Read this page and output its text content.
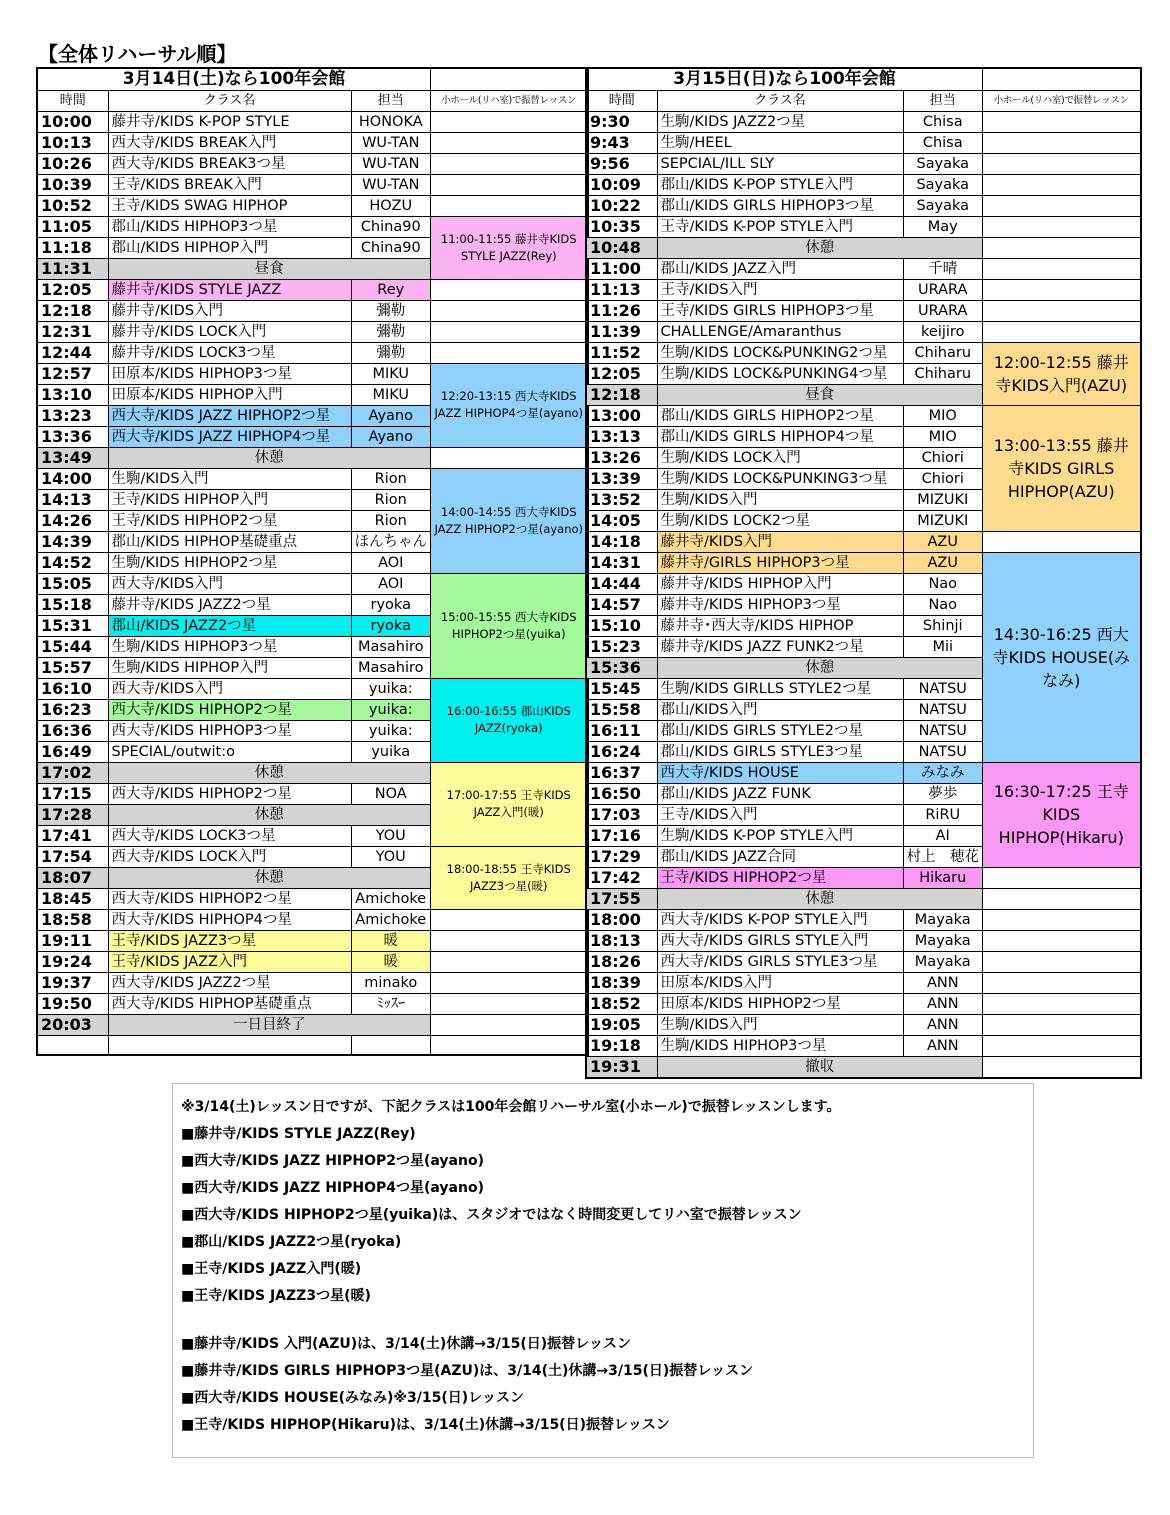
【全体リハーサル順】
3月14日(土)なら100年会館			
時間	クラス名	担当	小ホール(リハ室)で振替レッスン
10:00	藤井寺/KIDS K-POP STYLE	HONOKA	
10:13	西大寺/KIDS BREAK入門	WU-TAN	
10:26	西大寺/KIDS BREAK3つ星	WU-TAN	
10:39	王寺/KIDS BREAK入門	WU-TAN	
10:52	王寺/KIDS SWAG HIPHOP	HOZU	
11:05	郡山/KIDS HIPHOP3つ星	China90	11:00-11:55 藤井寺KIDS STYLE JAZZ(Rey)
11:18	郡山/KIDS HIPHOP入門	China90	
11:31	昼食		
12:05	藤井寺/KIDS STYLE JAZZ	Rey	
12:18	藤井寺/KIDS入門	彌勒	
12:31	藤井寺/KIDS LOCK入門	彌勒	
12:44	藤井寺/KIDS LOCK3つ星	彌勒	
12:57	田原本/KIDS HIPHOP3つ星	MIKU	12:20-13:15 西大寺KIDS JAZZ HIPHOP4つ星(ayano)
13:10	田原本/KIDS HIPHOP入門	MIKU	
13:23	西大寺/KIDS JAZZ HIPHOP2つ星	Ayano	
13:36	西大寺/KIDS JAZZ HIPHOP4つ星	Ayano	
13:49	休憩		
14:00	生駒/KIDS入門	Rion	14:00-14:55 西大寺KIDS JAZZ HIPHOP2つ星(ayano)
14:13	王寺/KIDS HIPHOP入門	Rion	
14:26	王寺/KIDS HIPHOP2つ星	Rion	
14:39	郡山/KIDS HIPHOP基礎重点	ほんちゃん	
14:52	生駒/KIDS HIPHOP2つ星	AOI	
15:05	西大寺/KIDS入門	AOI	15:00-15:55 西大寺KIDS HIPHOP2つ星(yuika)
15:18	藤井寺/KIDS JAZZ2つ星	ryoka	
15:31	郡山/KIDS JAZZ2つ星	ryoka	
15:44	生駒/KIDS HIPHOP3つ星	Masahiro	
15:57	生駒/KIDS HIPHOP入門	Masahiro	
16:10	西大寺/KIDS入門	yuika:	16:00-16:55 郡山KIDS JAZZ(ryoka)
16:23	西大寺/KIDS HIPHOP2つ星	yuika:	
16:36	西大寺/KIDS HIPHOP3つ星	yuika:	
16:49	SPECIAL/outwit:o	yuika	
17:02	休憩		17:00-17:55 王寺KIDS JAZZ入門(暖)
17:15	西大寺/KIDS HIPHOP2つ星	NOA	
17:28	休憩		
17:41	西大寺/KIDS LOCK3つ星	YOU	
17:54	西大寺/KIDS LOCK入門	YOU	18:00-18:55 王寺KIDS JAZZ3つ星(暖)
18:07	休憩		
18:45	西大寺/KIDS HIPHOP2つ星	Amichoke	
18:58	西大寺/KIDS HIPHOP4つ星	Amichoke	
19:11	王寺/KIDS JAZZ3つ星	暖	
19:24	王寺/KIDS JAZZ入門	暖	
19:37	西大寺/KIDS JAZZ2つ星	minako	
19:50	西大寺/KIDS HIPHOP基礎重点	ﾐｯｽｰ	
20:03	一日目終了		

3月15日(日)なら100年会館			
時間	クラス名	担当	小ホール(リハ室)で振替レッスン
9:30	生駒/KIDS JAZZ2つ星	Chisa	
9:43	生駒/HEEL	Chisa	
9:56	SEPCIAL/ILL SLY	Sayaka	
10:09	郡山/KIDS K-POP STYLE入門	Sayaka	
10:22	郡山/KIDS GIRLS HIPHOP3つ星	Sayaka	
10:35	王寺/KIDS K-POP STYLE入門	May	
10:48	休憩		
11:00	郡山/KIDS JAZZ入門	千晴	
11:13	王寺/KIDS入門	URARA	
11:26	王寺/KIDS GIRLS HIPHOP3つ星	URARA	
11:39	CHALLENGE/Amaranthus	keijiro	
11:52	生駒/KIDS LOCK&PUNKING2つ星	Chiharu	12:00-12:55 藤井寺KIDS入門(AZU)
12:05	生駒/KIDS LOCK&PUNKING4つ星	Chiharu	
12:18	昼食		
13:00	郡山/KIDS GIRLS HIPHOP2つ星	MIO	13:00-13:55 藤井寺KIDS GIRLS HIPHOP(AZU)
13:13	郡山/KIDS GIRLS HIPHOP4つ星	MIO	
13:26	生駒/KIDS LOCK入門	Chiori	
13:39	生駒/KIDS LOCK&PUNKING3つ星	Chiori	
13:52	生駒/KIDS入門	MIZUKI	
14:05	生駒/KIDS LOCK2つ星	MIZUKI	
14:18	藤井寺/KIDS入門	AZU	
14:31	藤井寺/GIRLS HIPHOP3つ星	AZU	14:30-16:25 西大寺KIDS HOUSE(みなみ)
14:44	藤井寺/KIDS HIPHOP入門	Nao	
14:57	藤井寺/KIDS HIPHOP3つ星	Nao	
15:10	藤井寺･西大寺/KIDS HIPHOP	Shinji	
15:23	藤井寺/KIDS JAZZ FUNK2つ星	Mii	
15:36	休憩		
15:45	生駒/KIDS GIRLLS STYLE2つ星	NATSU	
15:58	郡山/KIDS入門	NATSU	
16:11	郡山/KIDS GIRLS STYLE2つ星	NATSU	
16:24	郡山/KIDS GIRLS STYLE3つ星	NATSU	
16:37	西大寺/KIDS HOUSE	みなみ	16:30-17:25 王寺KIDS HIPHOP(Hikaru)
16:50	郡山/KIDS JAZZ FUNK	夢歩	
17:03	王寺/KIDS入門	RiRU	
17:16	生駒/KIDS K-POP STYLE入門	AI	
17:29	郡山/KIDS JAZZ合同	村上　穂花	
17:42	王寺/KIDS HIPHOP2つ星	Hikaru	
17:55	休憩		
18:00	西大寺/KIDS K-POP STYLE入門	Mayaka	
18:13	西大寺/KIDS GIRLS STYLE入門	Mayaka	
18:26	西大寺/KIDS GIRLS STYLE3つ星	Mayaka	
18:39	田原本/KIDS入門	ANN	
18:52	田原本/KIDS HIPHOP2つ星	ANN	
19:05	生駒/KIDS入門	ANN	
19:18	生駒/KIDS HIPHOP3つ星	ANN	
19:31	撤収		
※3/14(土)レッスン日ですが、下記クラスは100年会館リハーサル室(小ホール)で振替レッスンします。
■藤井寺/KIDS STYLE JAZZ(Rey)
■西大寺/KIDS JAZZ HIPHOP2つ星(ayano)
■西大寺/KIDS JAZZ HIPHOP4つ星(ayano)
■西大寺/KIDS HIPHOP2つ星(yuika)は、スタジオではなく時間変更してリハ室で振替レッスン
■郡山/KIDS JAZZ2つ星(ryoka)
■王寺/KIDS JAZZ入門(暖)
■王寺/KIDS JAZZ3つ星(暖)
■藤井寺/KIDS 入門(AZU)は、3/14(土)休講→3/15(日)振替レッスン
■藤井寺/KIDS GIRLS HIPHOP3つ星(AZU)は、3/14(土)休講→3/15(日)振替レッスン
■西大寺/KIDS HOUSE(みなみ)※3/15(日)レッスン
■王寺/KIDS HIPHOP(Hikaru)は、3/14(土)休講→3/15(日)振替レッスン
